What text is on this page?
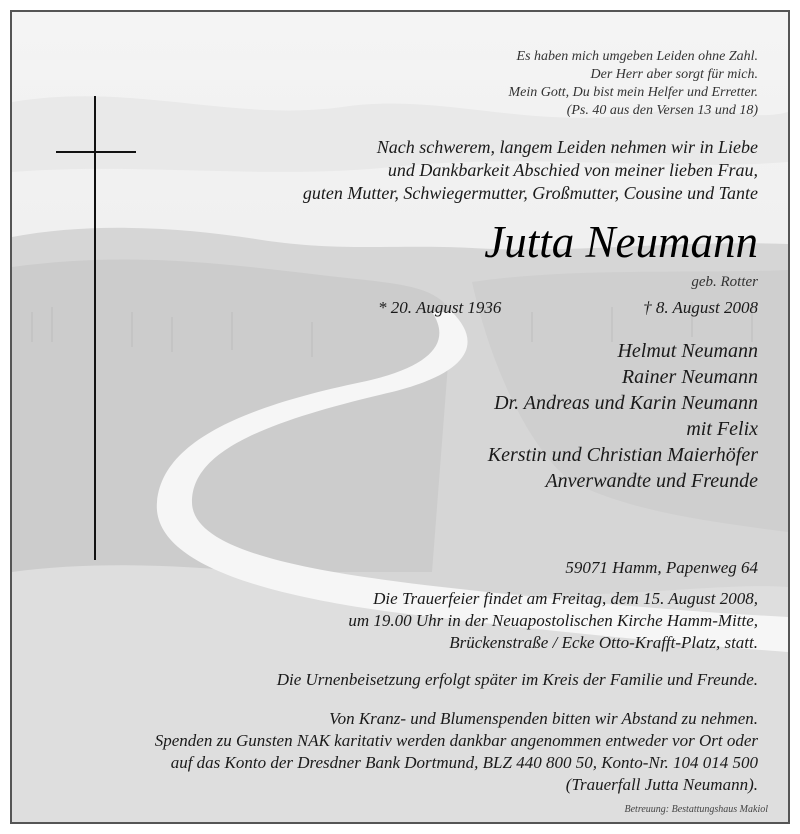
Es haben mich umgeben Leiden ohne Zahl.
Der Herr aber sorgt für mich.
Mein Gott, Du bist mein Helfer und Erretter.
(Ps. 40 aus den Versen 13 und 18)
Nach schwerem, langem Leiden nehmen wir in Liebe
und Dankbarkeit Abschied von meiner lieben Frau,
guten Mutter, Schwiegermutter, Großmutter, Cousine und Tante
Jutta Neumann
geb. Rotter
* 20. August 1936	† 8. August 2008
Helmut Neumann
Rainer Neumann
Dr. Andreas und Karin Neumann
mit Felix
Kerstin und Christian Maierhöfer
Anverwandte und Freunde
59071 Hamm, Papenweg 64
Die Trauerfeier findet am Freitag, dem 15. August 2008,
um 19.00 Uhr in der Neuapostolischen Kirche Hamm-Mitte,
Brückenstraße / Ecke Otto-Krafft-Platz, statt.
Die Urnenbeisetzung erfolgt später im Kreis der Familie und Freunde.
Von Kranz- und Blumenspenden bitten wir Abstand zu nehmen.
Spenden zu Gunsten NAK karitativ werden dankbar angenommen entweder vor Ort oder
auf das Konto der Dresdner Bank Dortmund, BLZ 440 800 50, Konto-Nr. 104 014 500
(Trauerfall Jutta Neumann).
Betreuung: Bestattungshaus Makiol
